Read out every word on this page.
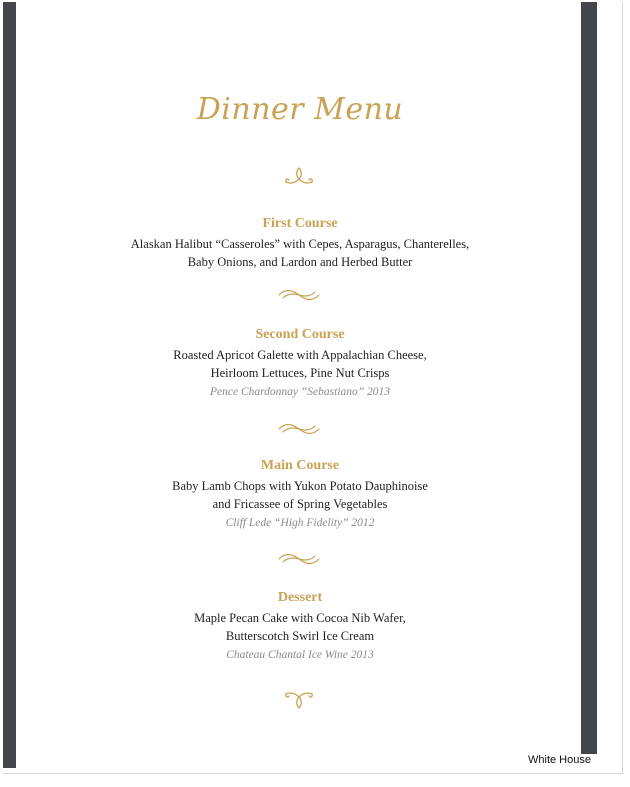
Dinner Menu
First Course
Alaskan Halibut “Casseroles” with Cepes, Asparagus, Chanterelles,
Baby Onions, and Lardon and Herbed Butter
Second Course
Roasted Apricot Galette with Appalachian Cheese,
Heirloom Lettuces, Pine Nut Crisps
Pence Chardonnay “Sebastiano” 2013
Main Course
Baby Lamb Chops with Yukon Potato Dauphinoise
and Fricassee of Spring Vegetables
Cliff Lede “High Fidelity” 2012
Dessert
Maple Pecan Cake with Cocoa Nib Wafer,
Butterscotch Swirl Ice Cream
Chateau Chantal Ice Wine 2013
White House
